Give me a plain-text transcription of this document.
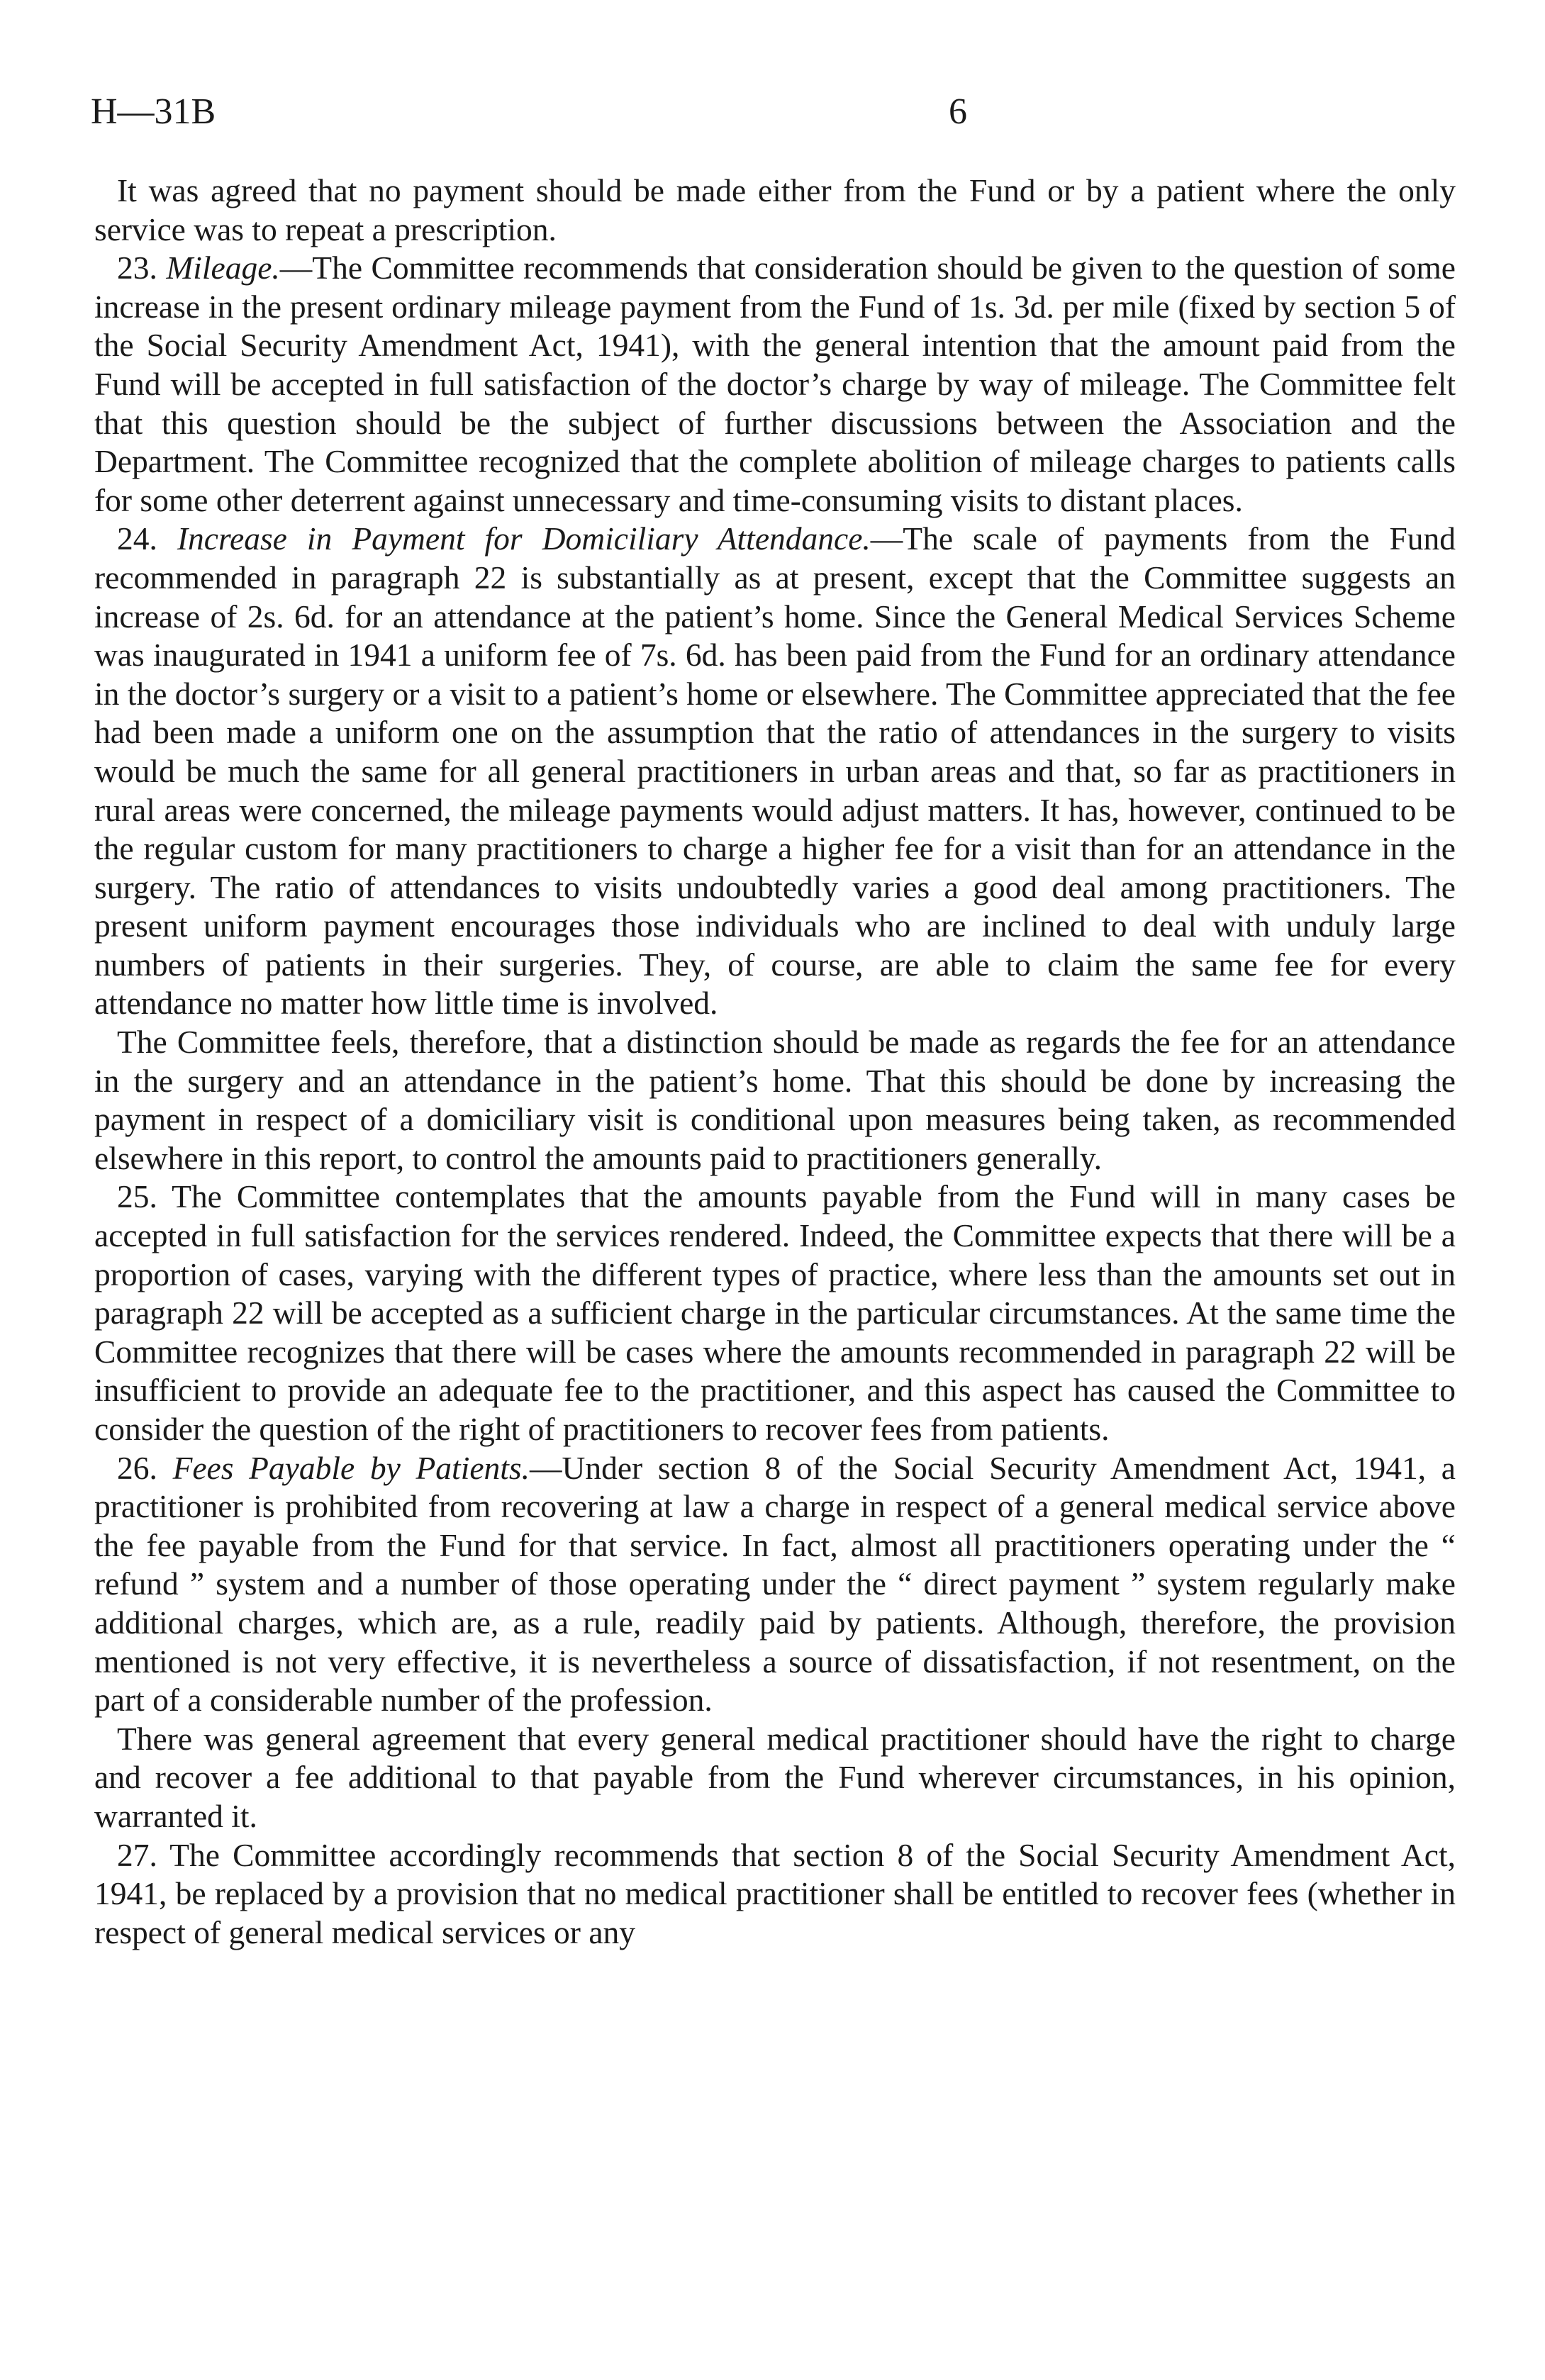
H—31B	6

It was agreed that no payment should be made either from the Fund or by a patient where the only service was to repeat a prescription.

23. Mileage.—The Committee recommends that consideration should be given to the question of some increase in the present ordinary mileage payment from the Fund of 1s. 3d. per mile (fixed by section 5 of the Social Security Amendment Act, 1941), with the general intention that the amount paid from the Fund will be accepted in full satisfaction of the doctor’s charge by way of mileage. The Committee felt that this question should be the subject of further discussions between the Association and the Department. The Committee recognized that the complete abolition of mileage charges to patients calls for some other deterrent against unnecessary and time-consuming visits to distant places.

24. Increase in Payment for Domiciliary Attendance.—The scale of payments from the Fund recommended in paragraph 22 is substantially as at present, except that the Committee suggests an increase of 2s. 6d. for an attendance at the patient’s home. Since the General Medical Services Scheme was inaugurated in 1941 a uniform fee of 7s. 6d. has been paid from the Fund for an ordinary attendance in the doctor’s surgery or a visit to a patient’s home or elsewhere. The Committee appreciated that the fee had been made a uniform one on the assumption that the ratio of attendances in the surgery to visits would be much the same for all general practitioners in urban areas and that, so far as practitioners in rural areas were concerned, the mileage payments would adjust matters. It has, however, continued to be the regular custom for many practitioners to charge a higher fee for a visit than for an attendance in the surgery. The ratio of attendances to visits undoubtedly varies a good deal among practitioners. The present uniform payment encourages those individuals who are inclined to deal with unduly large numbers of patients in their surgeries. They, of course, are able to claim the same fee for every attendance no matter how little time is involved.

The Committee feels, therefore, that a distinction should be made as regards the fee for an attendance in the surgery and an attendance in the patient’s home. That this should be done by increasing the payment in respect of a domiciliary visit is conditional upon measures being taken, as recommended elsewhere in this report, to control the amounts paid to practitioners generally.

25. The Committee contemplates that the amounts payable from the Fund will in many cases be accepted in full satisfaction for the services rendered. Indeed, the Committee expects that there will be a proportion of cases, varying with the different types of practice, where less than the amounts set out in paragraph 22 will be accepted as a sufficient charge in the particular circumstances. At the same time the Committee recognizes that there will be cases where the amounts recommended in paragraph 22 will be insufficient to provide an adequate fee to the practitioner, and this aspect has caused the Committee to consider the question of the right of practitioners to recover fees from patients.

26. Fees Payable by Patients.—Under section 8 of the Social Security Amendment Act, 1941, a practitioner is prohibited from recovering at law a charge in respect of a general medical service above the fee payable from the Fund for that service. In fact, almost all practitioners operating under the “ refund ” system and a number of those operating under the “ direct payment ” system regularly make additional charges, which are, as a rule, readily paid by patients. Although, therefore, the provision mentioned is not very effective, it is nevertheless a source of dissatisfaction, if not resentment, on the part of a considerable number of the profession.

There was general agreement that every general medical practitioner should have the right to charge and recover a fee additional to that payable from the Fund wherever circumstances, in his opinion, warranted it.

27. The Committee accordingly recommends that section 8 of the Social Security Amendment Act, 1941, be replaced by a provision that no medical practitioner shall be entitled to recover fees (whether in respect of general medical services or any
